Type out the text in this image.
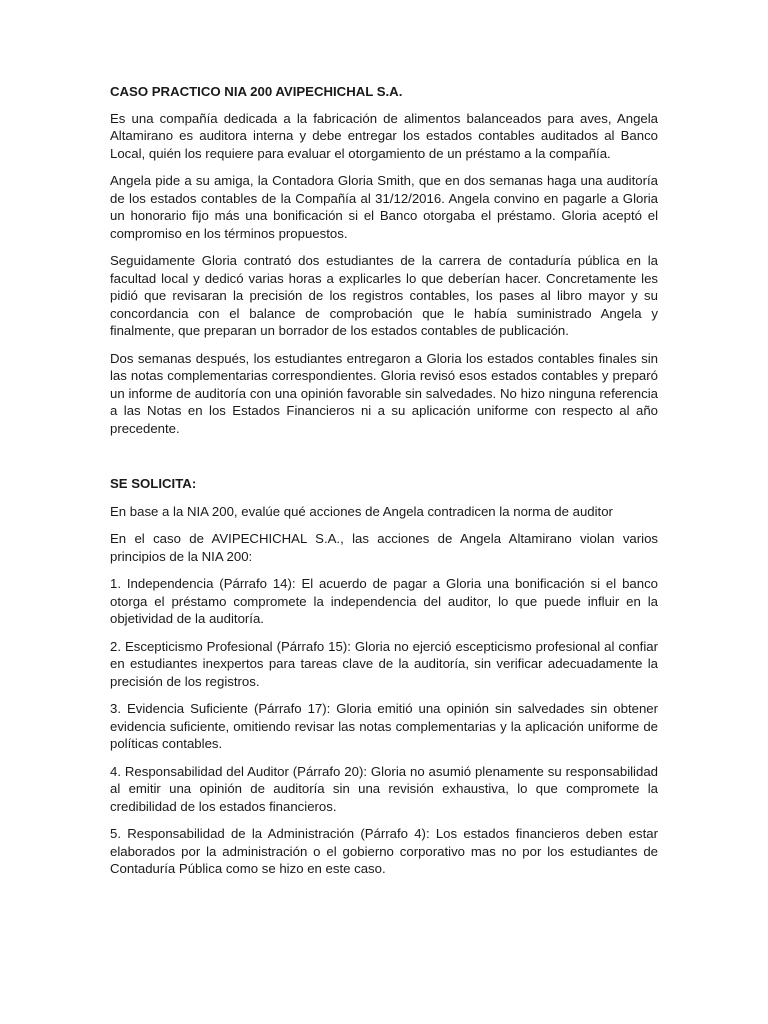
CASO PRACTICO NIA 200 AVIPECHICHAL S.A.

Es una compañía dedicada a la fabricación de alimentos balanceados para aves, Angela Altamirano es auditora interna y debe entregar los estados contables auditados al Banco Local, quién los requiere para evaluar el otorgamiento de un préstamo a la compañía.

Angela pide a su amiga, la Contadora Gloria Smith, que en dos semanas haga una auditoría de los estados contables de la Compañía al 31/12/2016. Angela convino en pagarle a Gloria un honorario fijo más una bonificación si el Banco otorgaba el préstamo. Gloria aceptó el compromiso en los términos propuestos.

Seguidamente Gloria contrató dos estudiantes de la carrera de contaduría pública en la facultad local y dedicó varias horas a explicarles lo que deberían hacer. Concretamente les pidió que revisaran la precisión de los registros contables, los pases al libro mayor y su concordancia con el balance de comprobación que le había suministrado Angela y finalmente, que preparan un borrador de los estados contables de publicación.

Dos semanas después, los estudiantes entregaron a Gloria los estados contables finales sin las notas complementarias correspondientes. Gloria revisó esos estados contables y preparó un informe de auditoría con una opinión favorable sin salvedades. No hizo ninguna referencia a las Notas en los Estados Financieros ni a su aplicación uniforme con respecto al año precedente.

SE SOLICITA:

En base a la NIA 200, evalúe qué acciones de Angela contradicen la norma de auditor

En el caso de AVIPECHICHAL S.A., las acciones de Angela Altamirano violan varios principios de la NIA 200:

1. Independencia (Párrafo 14): El acuerdo de pagar a Gloria una bonificación si el banco otorga el préstamo compromete la independencia del auditor, lo que puede influir en la objetividad de la auditoría.

2. Escepticismo Profesional (Párrafo 15): Gloria no ejerció escepticismo profesional al confiar en estudiantes inexpertos para tareas clave de la auditoría, sin verificar adecuadamente la precisión de los registros.

3. Evidencia Suficiente (Párrafo 17): Gloria emitió una opinión sin salvedades sin obtener evidencia suficiente, omitiendo revisar las notas complementarias y la aplicación uniforme de políticas contables.

4. Responsabilidad del Auditor (Párrafo 20): Gloria no asumió plenamente su responsabilidad al emitir una opinión de auditoría sin una revisión exhaustiva, lo que compromete la credibilidad de los estados financieros.

5. Responsabilidad de la Administración (Párrafo 4): Los estados financieros deben estar elaborados por la administración o el gobierno corporativo mas no por los estudiantes de Contaduría Pública como se hizo en este caso.
